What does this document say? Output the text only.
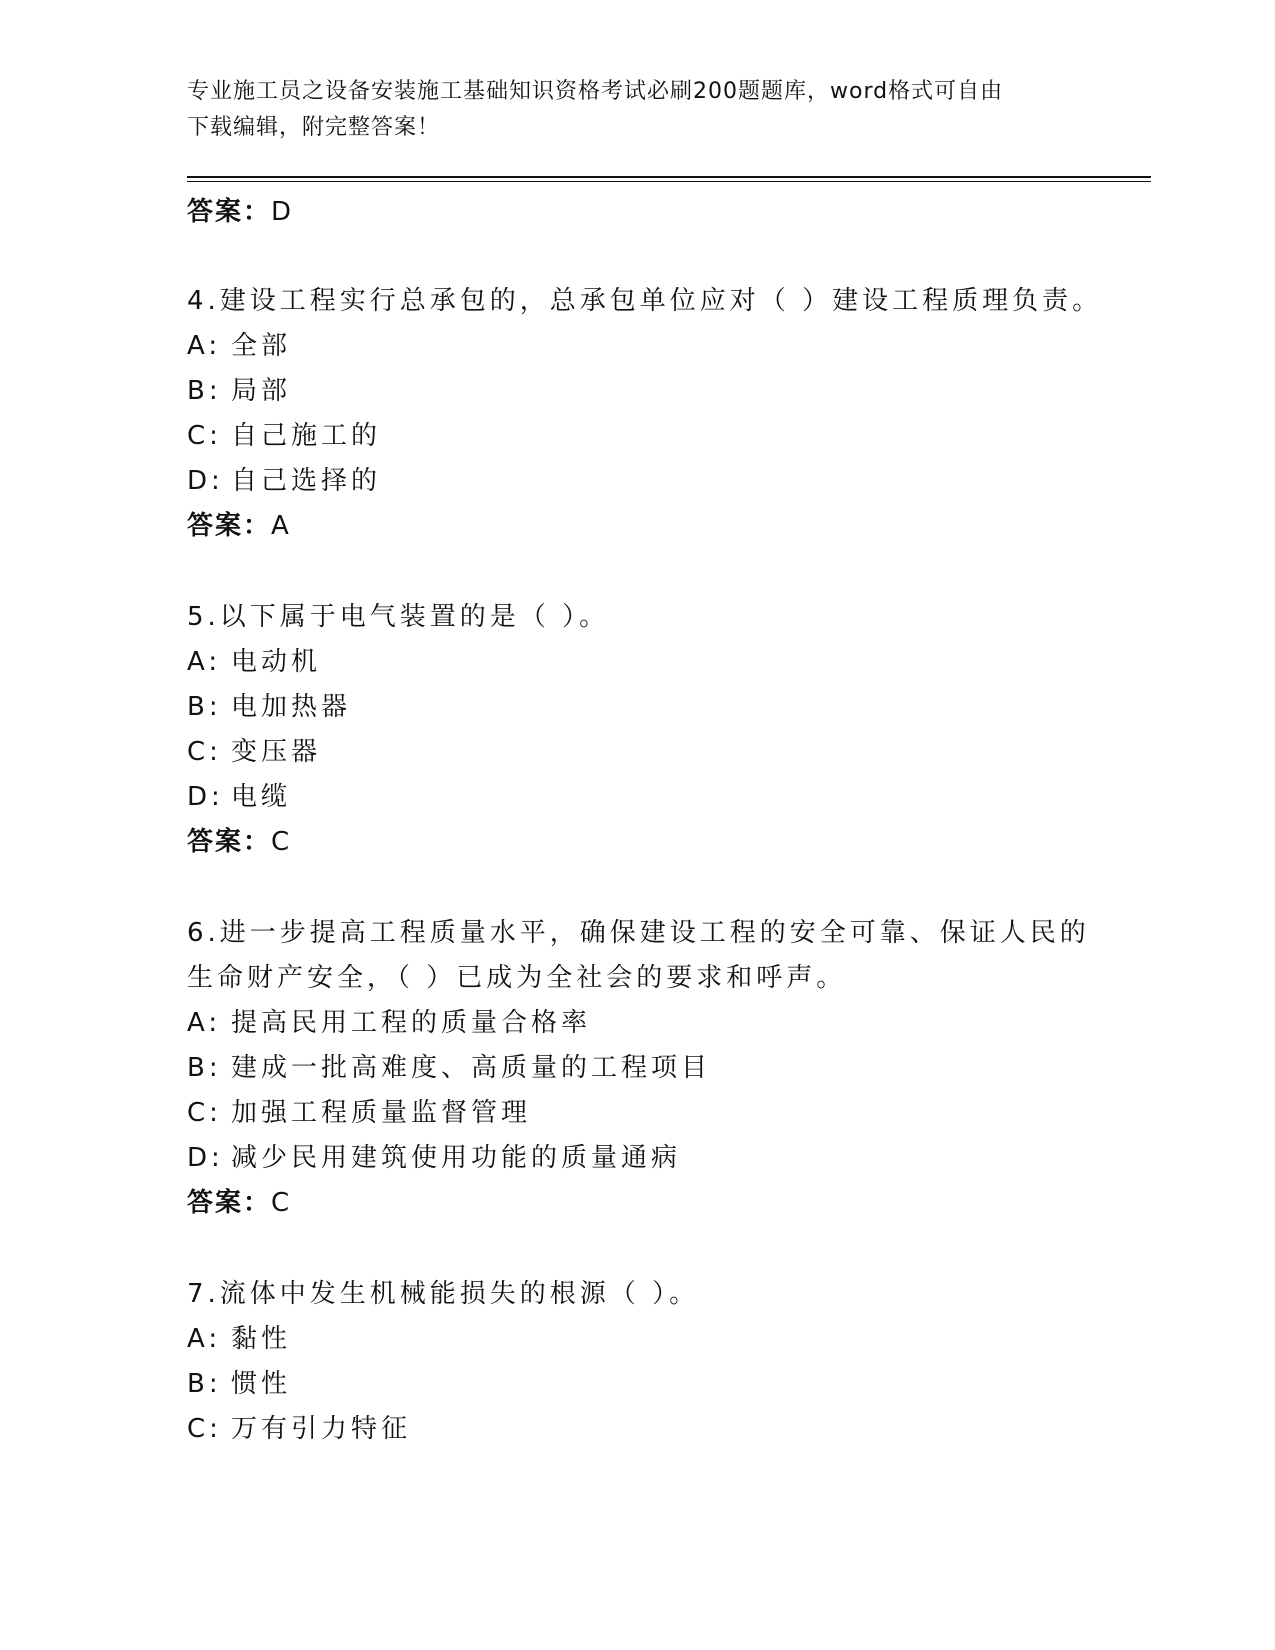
专业施工员之设备安装施工基础知识资格考试必刷200题题库，word格式可自由
下载编辑，附完整答案！
答案：D
4.建设工程实行总承包的，总承包单位应对（ ）建设工程质理负责。
A: 全部
B: 局部
C: 自己施工的
D: 自己选择的
答案：A
5.以下属于电气装置的是（ ）。
A: 电动机
B: 电加热器
C: 变压器
D: 电缆
答案：C
6.进一步提高工程质量水平，确保建设工程的安全可靠、保证人民的
生命财产安全，（ ）已成为全社会的要求和呼声。
A: 提高民用工程的质量合格率
B: 建成一批高难度、高质量的工程项目
C: 加强工程质量监督管理
D: 减少民用建筑使用功能的质量通病
答案：C
7.流体中发生机械能损失的根源（ ）。
A: 黏性
B: 惯性
C: 万有引力特征
